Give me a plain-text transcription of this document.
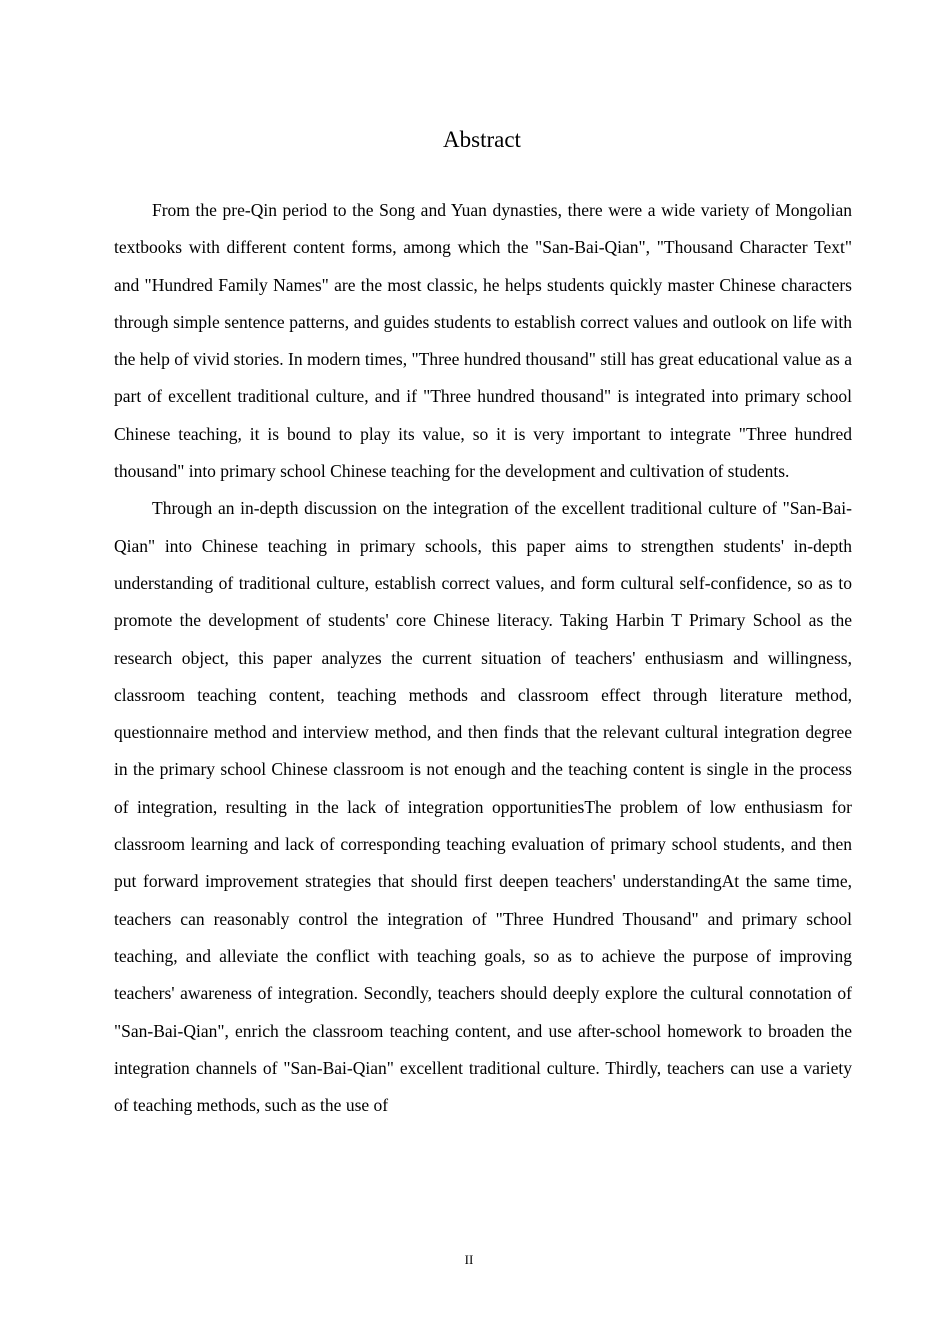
Abstract

From the pre-Qin period to the Song and Yuan dynasties, there were a wide variety of Mongolian textbooks with different content forms, among which the "San-Bai-Qian", "Thousand Character Text" and "Hundred Family Names" are the most classic, he helps students quickly master Chinese characters through simple sentence patterns, and guides students to establish correct values and outlook on life with the help of vivid stories. In modern times, "Three hundred thousand" still has great educational value as a part of excellent traditional culture, and if "Three hundred thousand" is integrated into primary school Chinese teaching, it is bound to play its value, so it is very important to integrate "Three hundred thousand" into primary school Chinese teaching for the development and cultivation of students.

Through an in-depth discussion on the integration of the excellent traditional culture of "San-Bai-Qian" into Chinese teaching in primary schools, this paper aims to strengthen students' in-depth understanding of traditional culture, establish correct values, and form cultural self-confidence, so as to promote the development of students' core Chinese literacy. Taking Harbin T Primary School as the research object, this paper analyzes the current situation of teachers' enthusiasm and willingness, classroom teaching content, teaching methods and classroom effect through literature method, questionnaire method and interview method, and then finds that the relevant cultural integration degree in the primary school Chinese classroom is not enough and the teaching content is single in the process of integration, resulting in the lack of integration opportunitiesThe problem of low enthusiasm for classroom learning and lack of corresponding teaching evaluation of primary school students, and then put forward improvement strategies that should first deepen teachers' understandingAt the same time, teachers can reasonably control the integration of "Three Hundred Thousand" and primary school teaching, and alleviate the conflict with teaching goals, so as to achieve the purpose of improving teachers' awareness of integration. Secondly, teachers should deeply explore the cultural connotation of "San-Bai-Qian", enrich the classroom teaching content, and use after-school homework to broaden the integration channels of "San-Bai-Qian" excellent traditional culture. Thirdly, teachers can use a variety of teaching methods, such as the use of

II
